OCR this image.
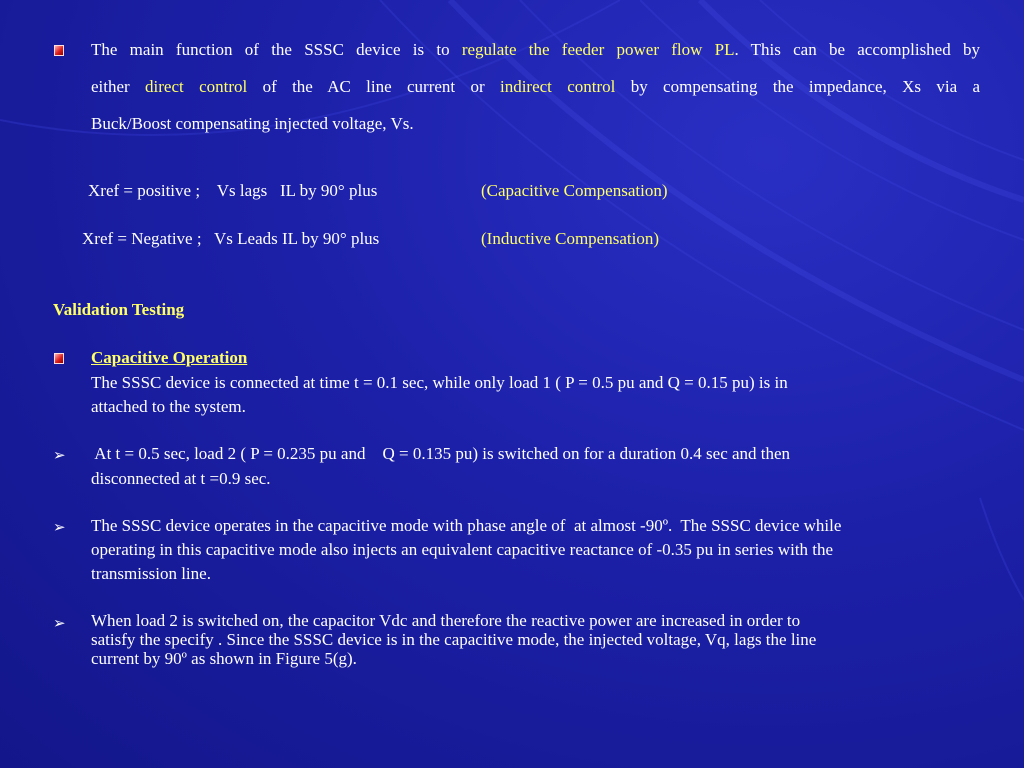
The main function of the SSSC device is to regulate the feeder power flow PL. This can be accomplished by
either direct control of the AC line current or indirect control by compensating the impedance, Xs via a
Buck/Boost compensating injected voltage, Vs.
Xref = positive ;    Vs lags   IL by 90° plus	(Capacitive Compensation)
Xref = Negative ;   Vs Leads IL by 90° plus	(Inductive Compensation)
Validation Testing
Capacitive Operation
The SSSC device is connected at time t = 0.1 sec, while only load 1 ( P = 0.5 pu and Q = 0.15 pu) is in
attached to the system.
➢ At t = 0.5 sec, load 2 ( P = 0.235 pu and    Q = 0.135 pu) is switched on for a duration 0.4 sec and then
disconnected at t =0.9 sec.
➢ The SSSC device operates in the capacitive mode with phase angle of  at almost -90º.  The SSSC device while
operating in this capacitive mode also injects an equivalent capacitive reactance of -0.35 pu in series with the
transmission line.
➢ When load 2 is switched on, the capacitor Vdc and therefore the reactive power are increased in order to
satisfy the specify . Since the SSSC device is in the capacitive mode, the injected voltage, Vq, lags the line
current by 90º as shown in Figure 5(g).
